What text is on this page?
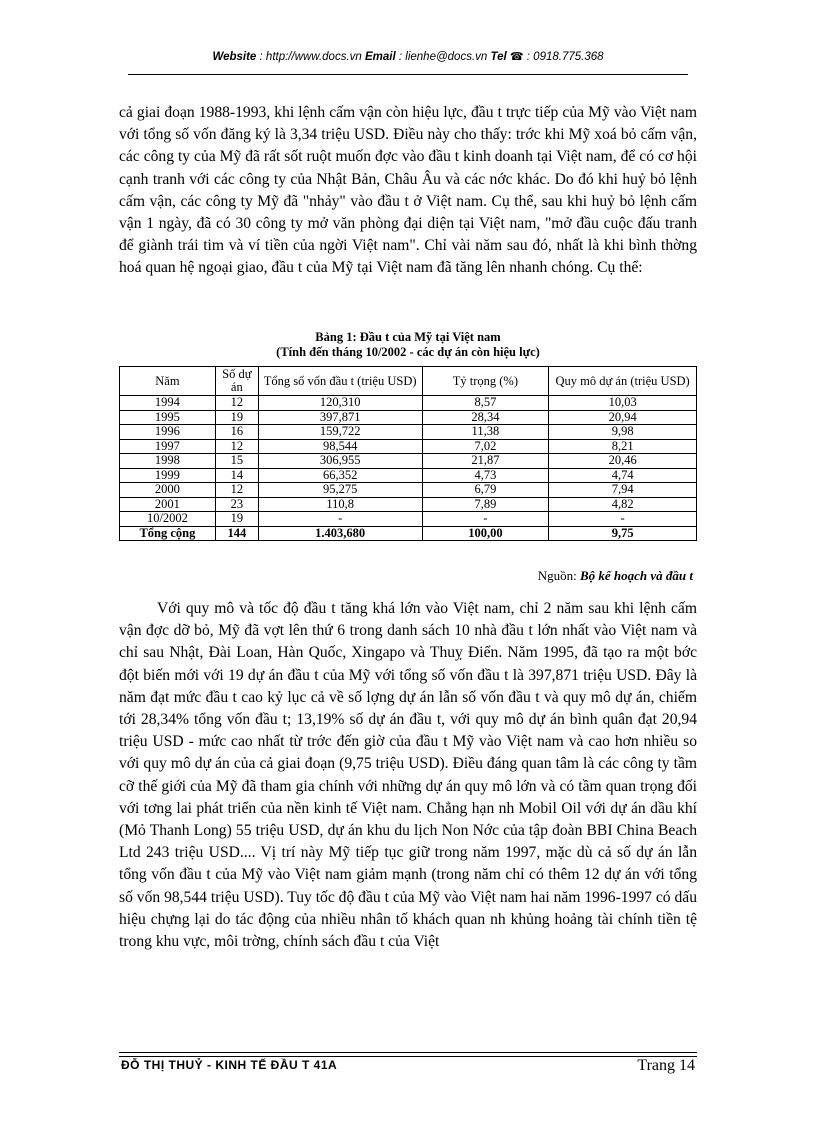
Website : http://www.docs.vn Email : lienhe@docs.vn Tel ☎ : 0918.775.368

cả giai đoạn 1988-1993, khi lệnh cấm vận còn hiệu lực, đầu t trực tiếp của Mỹ vào Việt nam với tổng số vốn đăng ký là 3,34 triệu USD. Điều này cho thấy: trớc khi Mỹ xoá bỏ cấm vận, các công ty của Mỹ đã rất sốt ruột muốn đợc vào đầu t kinh doanh tại Việt nam, để có cơ hội cạnh tranh với các công ty của Nhật Bản, Châu Âu và các nớc khác. Do đó khi huỷ bỏ lệnh cấm vận, các công ty Mỹ đã "nhảy" vào đầu t ở Việt nam. Cụ thể, sau khi huỷ bỏ lệnh cấm vận 1 ngày, đã có 30 công ty mở văn phòng đại diện tại Việt nam, "mở đầu cuộc đấu tranh để giành trái tim và ví tiền của ngời Việt nam". Chỉ vài năm sau đó, nhất là khi bình thờng hoá quan hệ ngoại giao, đầu t của Mỹ tại Việt nam đã tăng lên nhanh chóng. Cụ thể:

Bảng 1: Đầu t của Mỹ tại Việt nam
(Tính đến tháng 10/2002 - các dự án còn hiệu lực)
Năm	Số dự án	Tổng số vốn đầu t (triệu USD)	Tỷ trọng (%)	Quy mô dự án (triệu USD)
1994	12	120,310	8,57	10,03
1995	19	397,871	28,34	20,94
1996	16	159,722	11,38	9,98
1997	12	98,544	7,02	8,21
1998	15	306,955	21,87	20,46
1999	14	66,352	4,73	4,74
2000	12	95,275	6,79	7,94
2001	23	110,8	7,89	4,82
10/2002	19	-	-	-
Tổng cộng	144	1.403,680	100,00	9,75
Nguồn: Bộ kế hoạch và đầu t

Với quy mô và tốc độ đầu t tăng khá lớn vào Việt nam, chỉ 2 năm sau khi lệnh cấm vận đợc dỡ bỏ, Mỹ đã vợt lên thứ 6 trong danh sách 10 nhà đầu t lớn nhất vào Việt nam và chỉ sau Nhật, Đài Loan, Hàn Quốc, Xingapo và Thuỵ Điển. Năm 1995, đã tạo ra một bớc đột biến mới với 19 dự án đầu t của Mỹ với tổng số vốn đầu t là 397,871 triệu USD. Đây là năm đạt mức đầu t cao kỷ lục cả về số lợng dự án lẫn số vốn đầu t và quy mô dự án, chiếm tới 28,34% tổng vốn đầu t; 13,19% số dự án đầu t, với quy mô dự án bình quân đạt 20,94 triệu USD - mức cao nhất từ trớc đến giờ của đầu t Mỹ vào Việt nam và cao hơn nhiều so với quy mô dự án của cả giai đoạn (9,75 triệu USD). Điều đáng quan tâm là các công ty tầm cỡ thế giới của Mỹ đã tham gia chính với những dự án quy mô lớn và có tầm quan trọng đối với tơng lai phát triển của nền kinh tế Việt nam. Chẳng hạn nh Mobil Oil với dự án dầu khí (Mỏ Thanh Long) 55 triệu USD, dự án khu du lịch Non Nớc của tập đoàn BBI China Beach Ltd 243 triệu USD.... Vị trí này Mỹ tiếp tục giữ trong năm 1997, mặc dù cả số dự án lẫn tổng vốn đầu t của Mỹ vào Việt nam giảm mạnh (trong năm chỉ có thêm 12 dự án với tổng số vốn 98,544 triệu USD). Tuy tốc độ đầu t của Mỹ vào Việt nam hai năm 1996-1997 có dấu hiệu chựng lại do tác động của nhiều nhân tố khách quan nh khủng hoảng tài chính tiền tệ trong khu vực, môi trờng, chính sách đầu t của Việt

ĐỖ THỊ THUỶ - KINH TẾ ĐẦU T 41A	Trang 14
